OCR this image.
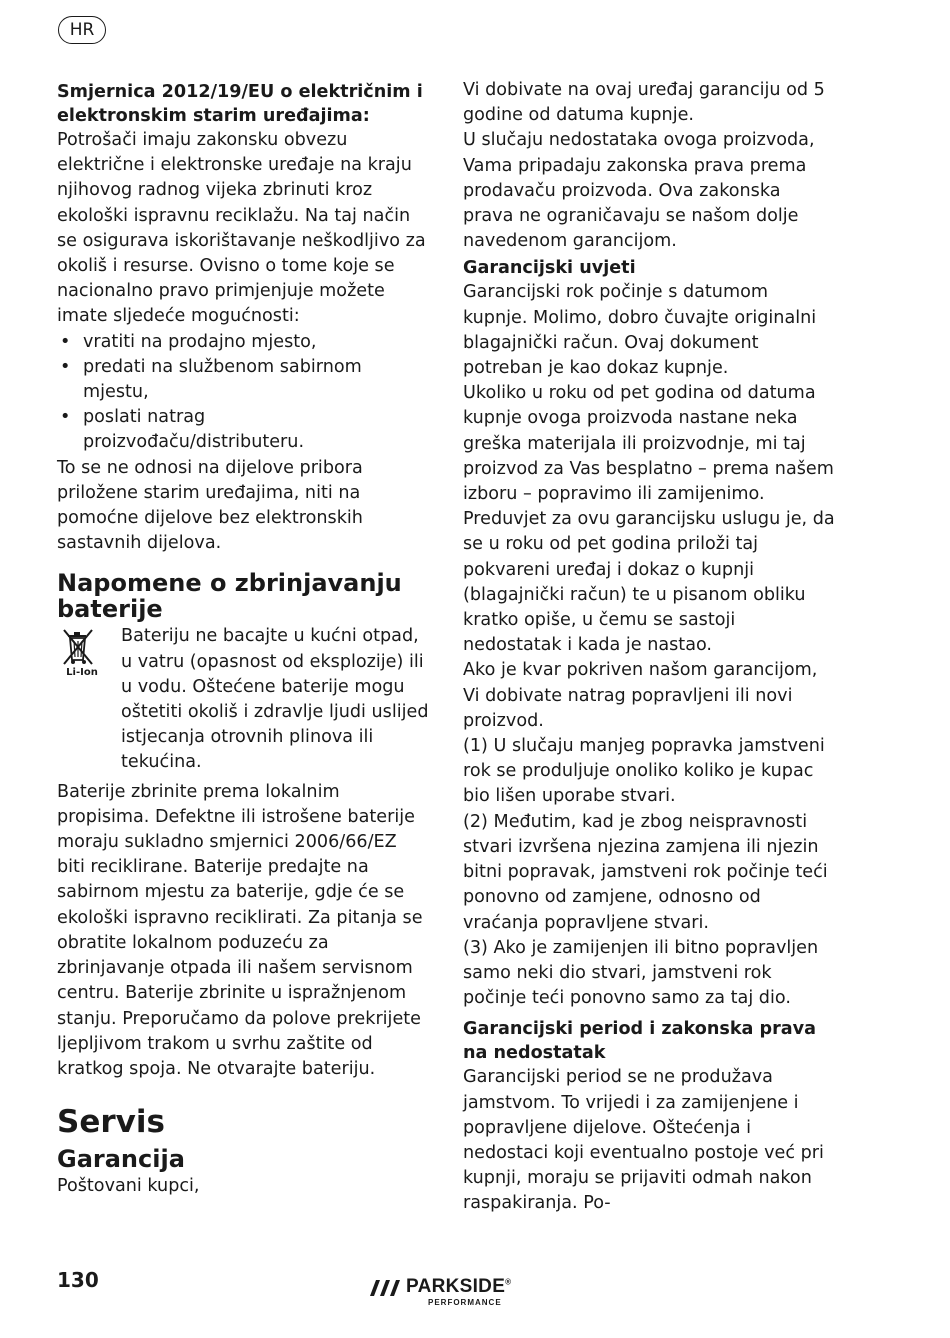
HR

Smjernica 2012/19/EU o električnim i elektronskim starim uređajima:

Potrošači imaju zakonsku obvezu električne i elektronske uređaje na kraju njihovog radnog vijeka zbrinuti kroz ekološki ispravnu reciklažu. Na taj način se osigurava iskorištavanje neškodljivo za okoliš i resurse. Ovisno o tome koje se nacionalno pravo primjenjuje možete imate sljedeće mogućnosti:

• vratiti na prodajno mjesto,
• predati na službenom sabirnom mjestu,
• poslati natrag proizvođaču/distributeru.

To se ne odnosi na dijelove pribora priložene starim uređajima, niti na pomoćne dijelove bez elektronskih sastavnih dijelova.

Napomene o zbrinjavanju baterije
Li-Ion

Bateriju ne bacajte u kućni otpad, u vatru (opasnost od eksplozije) ili u vodu. Oštećene baterije mogu oštetiti okoliš i zdravlje ljudi uslijed istjecanja otrovnih plinova ili tekućina.

Baterije zbrinite prema lokalnim propisima. Defektne ili istrošene baterije moraju sukladno smjernici 2006/66/EZ biti reciklirane. Baterije predajte na sabirnom mjestu za baterije, gdje će se ekološki ispravno reciklirati. Za pitanja se obratite lokalnom poduzeću za zbrinjavanje otpada ili našem servisnom centru. Baterije zbrinite u ispražnjenom stanju. Preporučamo da polove prekrijete ljepljivom trakom u svrhu zaštite od kratkog spoja. Ne otvarajte bateriju.

Servis
Garancija

Poštovani kupci,

Vi dobivate na ovaj uređaj garanciju od 5 godine od datuma kupnje.

U slučaju nedostataka ovoga proizvoda, Vama pripadaju zakonska prava prema prodavaču proizvoda. Ova zakonska prava ne ograničavaju se našom dolje navedenom garancijom.

Garancijski uvjeti

Garancijski rok počinje s datumom kupnje. Molimo, dobro čuvajte originalni blagajnički račun. Ovaj dokument potreban je kao dokaz kupnje.

Ukoliko u roku od pet godina od datuma kupnje ovoga proizvoda nastane neka greška materijala ili proizvodnje, mi taj proizvod za Vas besplatno – prema našem izboru – popravimo ili zamijenimo. Preduvjet za ovu garancijsku uslugu je, da se u roku od pet godina priloži taj pokvareni uređaj i dokaz o kupnji (blagajnički račun) te u pisanom obliku kratko opiše, u čemu se sastoji nedostatak i kada je nastao.

Ako je kvar pokriven našom garancijom, Vi dobivate natrag popravljeni ili novi proizvod.

(1) U slučaju manjeg popravka jamstveni rok se produljuje onoliko koliko je kupac bio lišen uporabe stvari.

(2) Međutim, kad je zbog neispravnosti stvari izvršena njezina zamjena ili njezin bitni popravak, jamstveni rok počinje teći ponovno od zamjene, odnosno od vraćanja popravljene stvari.

(3) Ako je zamijenjen ili bitno popravljen samo neki dio stvari, jamstveni rok počinje teći ponovno samo za taj dio.

Garancijski period i zakonska prava na nedostatak

Garancijski period se ne produžava jamstvom. To vrijedi i za zamijenjene i popravljene dijelove. Oštećenja i nedostaci koji eventualno postoje već pri kupnji, moraju se prijaviti odmah nakon raspakiranja. Po-

130	PARKSIDE®
PERFORMANCE
